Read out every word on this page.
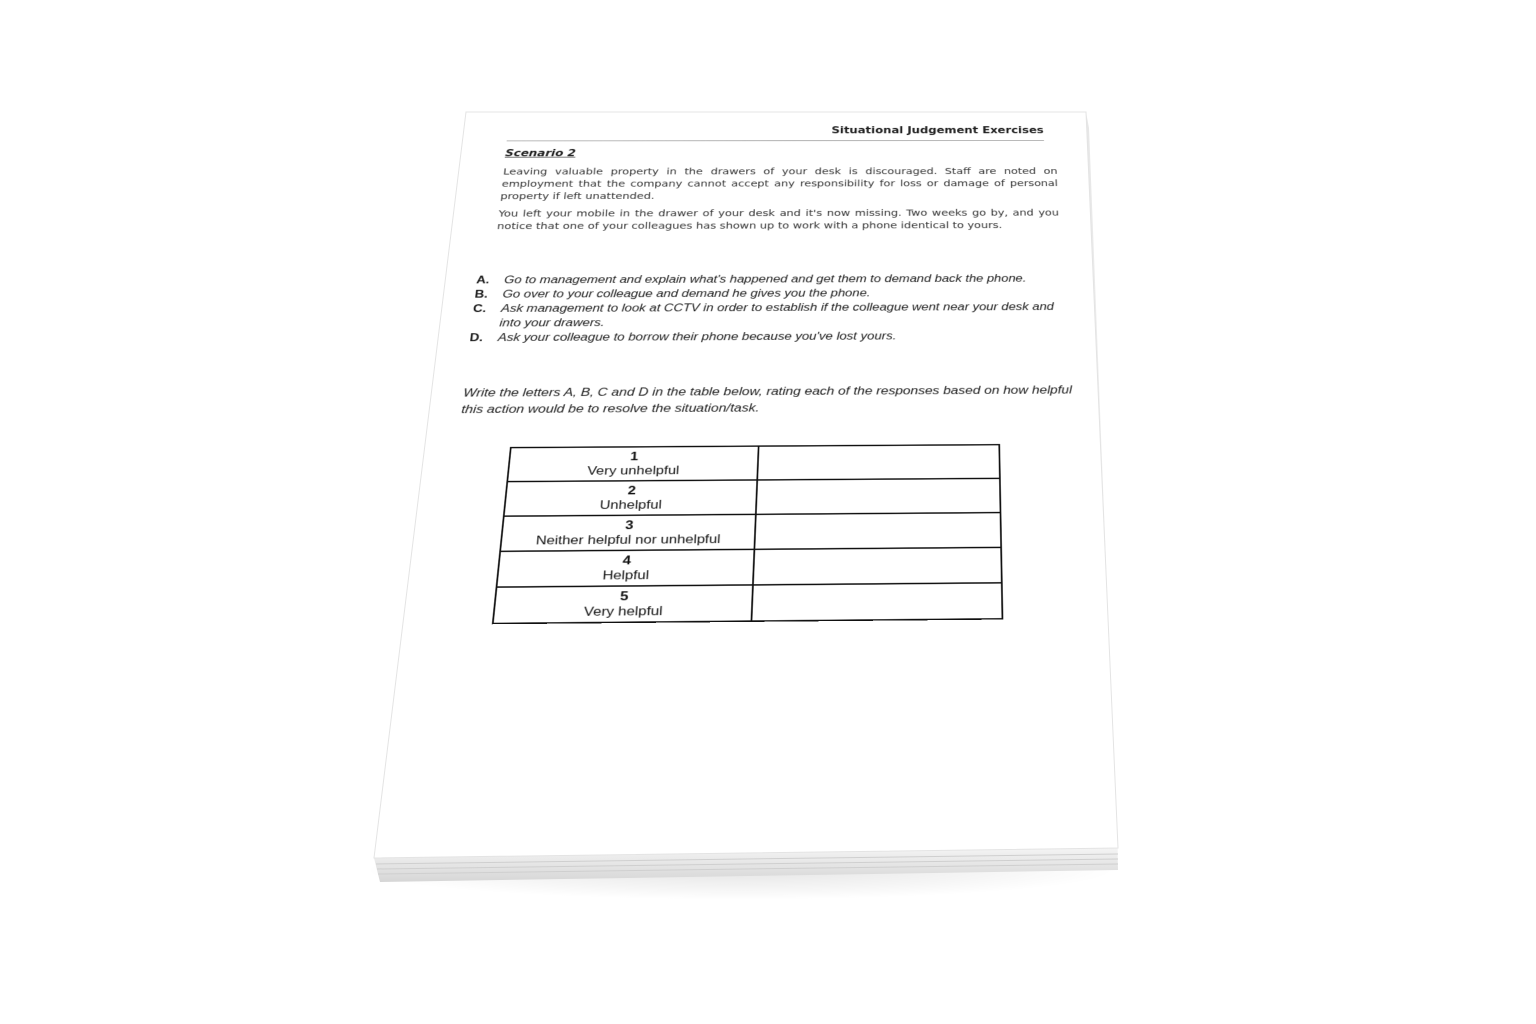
Situational Judgement Exercises
Scenario 2
Leaving valuable property in the drawers of your desk is discouraged. Staff are noted on employment that the company cannot accept any responsibility for loss or damage of personal property if left unattended.
You left your mobile in the drawer of your desk and it's now missing. Two weeks go by, and you notice that one of your colleagues has shown up to work with a phone identical to yours.
A. Go to management and explain what's happened and get them to demand back the phone.
B. Go over to your colleague and demand he gives you the phone.
C. Ask management to look at CCTV in order to establish if the colleague went near your desk and into your drawers.
D. Ask your colleague to borrow their phone because you've lost yours.
Write the letters A, B, C and D in the table below, rating each of the responses based on how helpful this action would be to resolve the situation/task.
1
Very unhelpful	

2
Unhelpful	

3
Neither helpful nor unhelpful	

4
Helpful	

5
Very helpful	
